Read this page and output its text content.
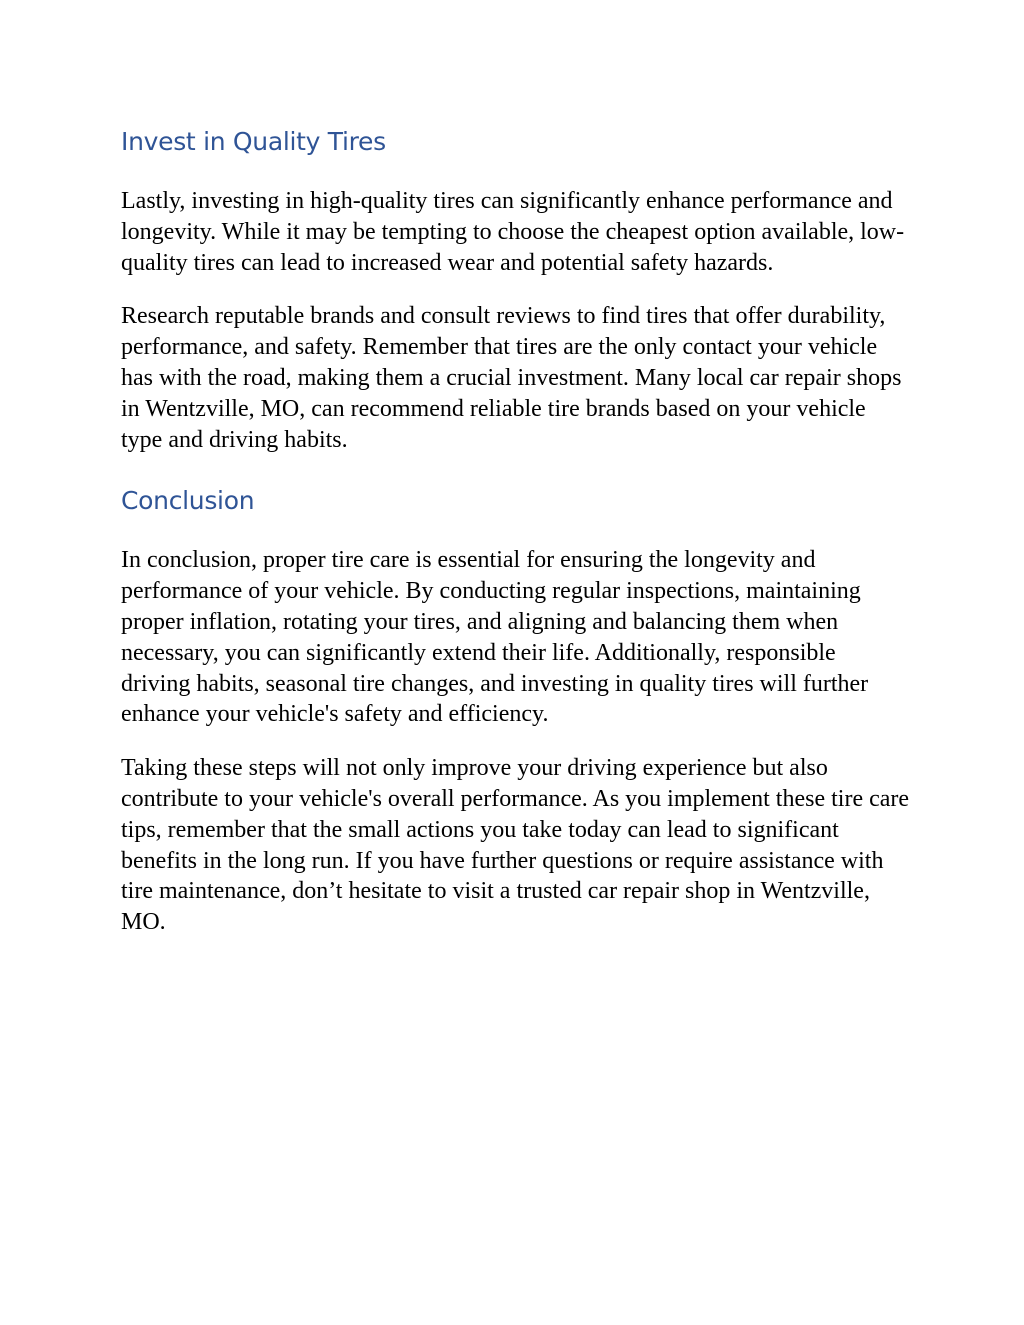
Invest in Quality Tires

Lastly, investing in high-quality tires can significantly enhance performance and longevity. While it may be tempting to choose the cheapest option available, low-quality tires can lead to increased wear and potential safety hazards.

Research reputable brands and consult reviews to find tires that offer durability, performance, and safety. Remember that tires are the only contact your vehicle has with the road, making them a crucial investment. Many local car repair shops in Wentzville, MO, can recommend reliable tire brands based on your vehicle type and driving habits.

Conclusion

In conclusion, proper tire care is essential for ensuring the longevity and performance of your vehicle. By conducting regular inspections, maintaining proper inflation, rotating your tires, and aligning and balancing them when necessary, you can significantly extend their life. Additionally, responsible driving habits, seasonal tire changes, and investing in quality tires will further enhance your vehicle's safety and efficiency.

Taking these steps will not only improve your driving experience but also contribute to your vehicle's overall performance. As you implement these tire care tips, remember that the small actions you take today can lead to significant benefits in the long run. If you have further questions or require assistance with tire maintenance, don’t hesitate to visit a trusted car repair shop in Wentzville, MO.
